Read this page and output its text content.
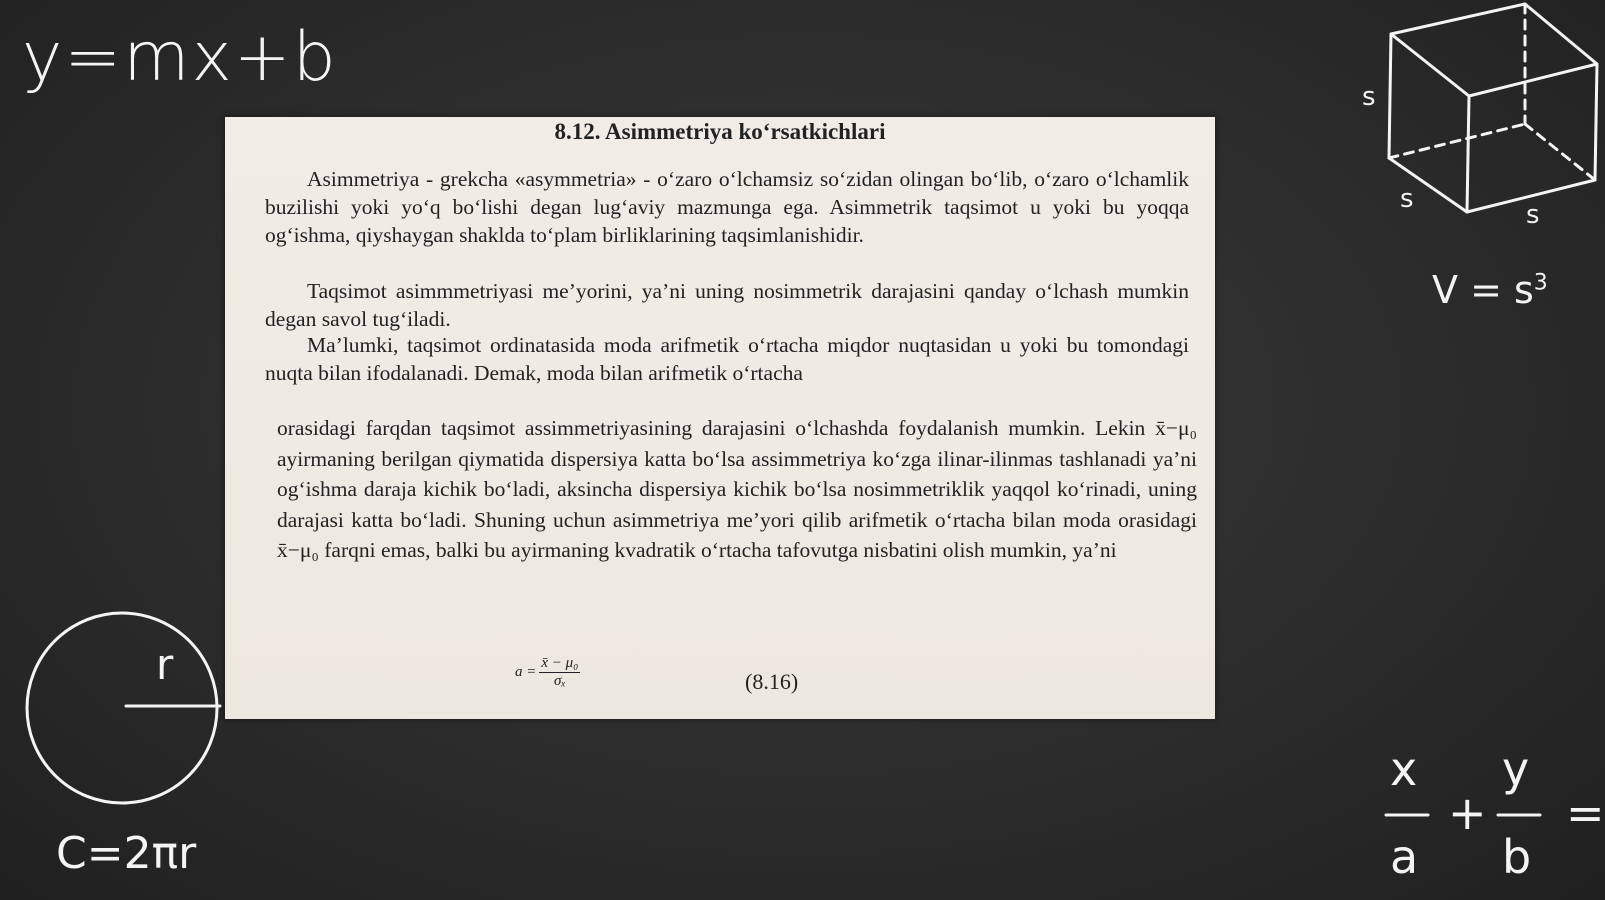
y=mx+b	s
s
s
$V = s^3$
r
C=2πr
x
a
+
y
b
=
8.12. Asimmetriya ko‘rsatkichlari
Asimmetriya - grekcha «asymmetria» - o‘zaro o‘lchamsiz so‘zidan olingan bo‘lib, o‘zaro o‘lchamlik buzilishi yoki yo‘q bo‘lishi degan lug‘aviy mazmunga ega. Asimmetrik taqsimot u yoki bu yoqqa og‘ishma, qiyshaygan shaklda to‘plam birliklarining taqsimlanishidir.
Taqsimot asimmmetriyasi me’yorini, ya’ni uning nosimmetrik darajasini qanday o‘lchash mumkin degan savol tug‘iladi.
Ma’lumki, taqsimot ordinatasida moda arifmetik o‘rtacha miqdor nuqtasidan u yoki bu tomondagi nuqta bilan ifodalanadi. Demak, moda bilan arifmetik o‘rtacha
orasidagi farqdan taqsimot assimmetriyasining darajasini o‘lchashda foydalanish mumkin. Lekin x̄−μ₀ ayirmaning berilgan qiymatida dispersiya katta bo‘lsa assimmetriya ko‘zga ilinar-ilinmas tashlanadi ya’ni og‘ishma daraja kichik bo‘ladi, aksincha dispersiya kichik bo‘lsa nosimmetriklik yaqqol ko‘rinadi, uning darajasi katta bo‘ladi. Shuning uchun asimmetriya me’yori qilib arifmetik o‘rtacha bilan moda orasidagi x̄−μ₀ farqni emas, balki bu ayirmaning kvadratik o‘rtacha tafovutga nisbatini olish mumkin, ya’ni
$a = \frac{\text{x̄ − μ₀}}{\text{σₓ}}$	(8.16)
